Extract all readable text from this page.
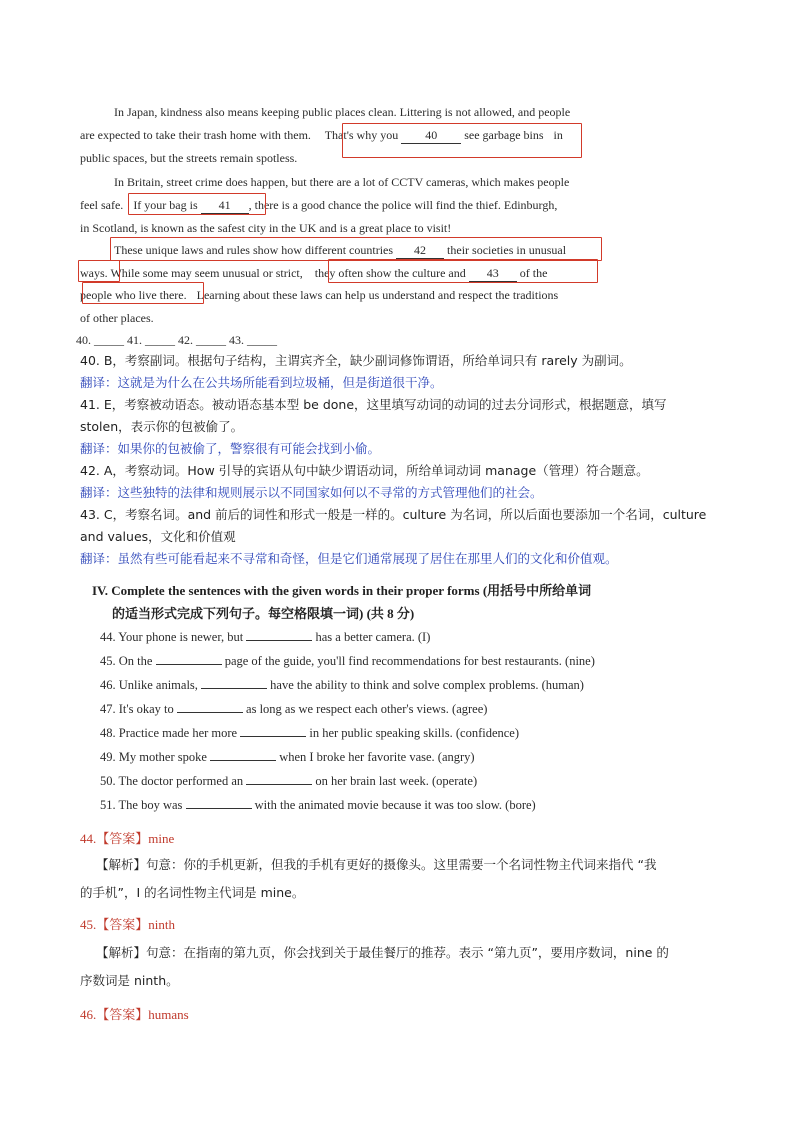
In Japan, kindness also means keeping public places clean. Littering is not allowed, and people
are expected to take their trash home with them. That's why you 40 see garbage bins in
public spaces, but the streets remain spotless.
In Britain, street crime does happen, but there are a lot of CCTV cameras, which makes people
feel safe. If your bag is 41 , there is a good chance the police will find the thief. Edinburgh,
in Scotland, is known as the safest city in the UK and is a great place to visit!
These unique laws and rules show how different countries 42 their societies in unusual
ways. While some may seem unusual or strict, they often show the culture and 43 of the
people who live there. Learning about these laws can help us understand and respect the traditions
of other places.
40. _____ 41. _____ 42. _____ 43. _____
40. B，考察副词。根据句子结构，主谓宾齐全，缺少副词修饰谓语，所给单词只有 rarely 为副词。
翻译：这就是为什么在公共场所能看到垃圾桶，但是街道很干净。
41. E，考察被动语态。被动语态基本型 be done，这里填写动词的动词的过去分词形式，根据题意，填写
stolen，表示你的包被偷了。
翻译：如果你的包被偷了，警察很有可能会找到小偷。
42. A，考察动词。How 引导的宾语从句中缺少谓语动词，所给单词动词 manage（管理）符合题意。
翻译：这些独特的法律和规则展示以不同国家如何以不寻常的方式管理他们的社会。
43. C，考察名词。and 前后的词性和形式一般是一样的。culture 为名词，所以后面也要添加一个名词，culture
and values，文化和价值观
翻译：虽然有些可能看起来不寻常和奇怪，但是它们通常展现了居住在那里人们的文化和价值观。
IV. Complete the sentences with the given words in their proper forms (用括号中所给单词
的适当形式完成下列句子。每空格限填一词) (共 8 分)
44. Your phone is newer, but	has a better camera. (I)
45. On the	page of the guide, you'll find recommendations for best restaurants. (nine)
46. Unlike animals,	have the ability to think and solve complex problems. (human)
47. It's okay to	as long as we respect each other's views. (agree)
48. Practice made her more	in her public speaking skills. (confidence)
49. My mother spoke	when I broke her favorite vase. (angry)
50. The doctor performed an	on her brain last week. (operate)
51. The boy was	with the animated movie because it was too slow. (bore)
44.【答案】mine
【解析】句意：你的手机更新，但我的手机有更好的摄像头。这里需要一个名词性物主代词来指代 “我
的手机”，I 的名词性物主代词是 mine。
45.【答案】ninth
【解析】句意：在指南的第九页，你会找到关于最佳餐厅的推荐。表示 “第九页”，要用序数词，nine 的
序数词是 ninth。
46.【答案】humans
